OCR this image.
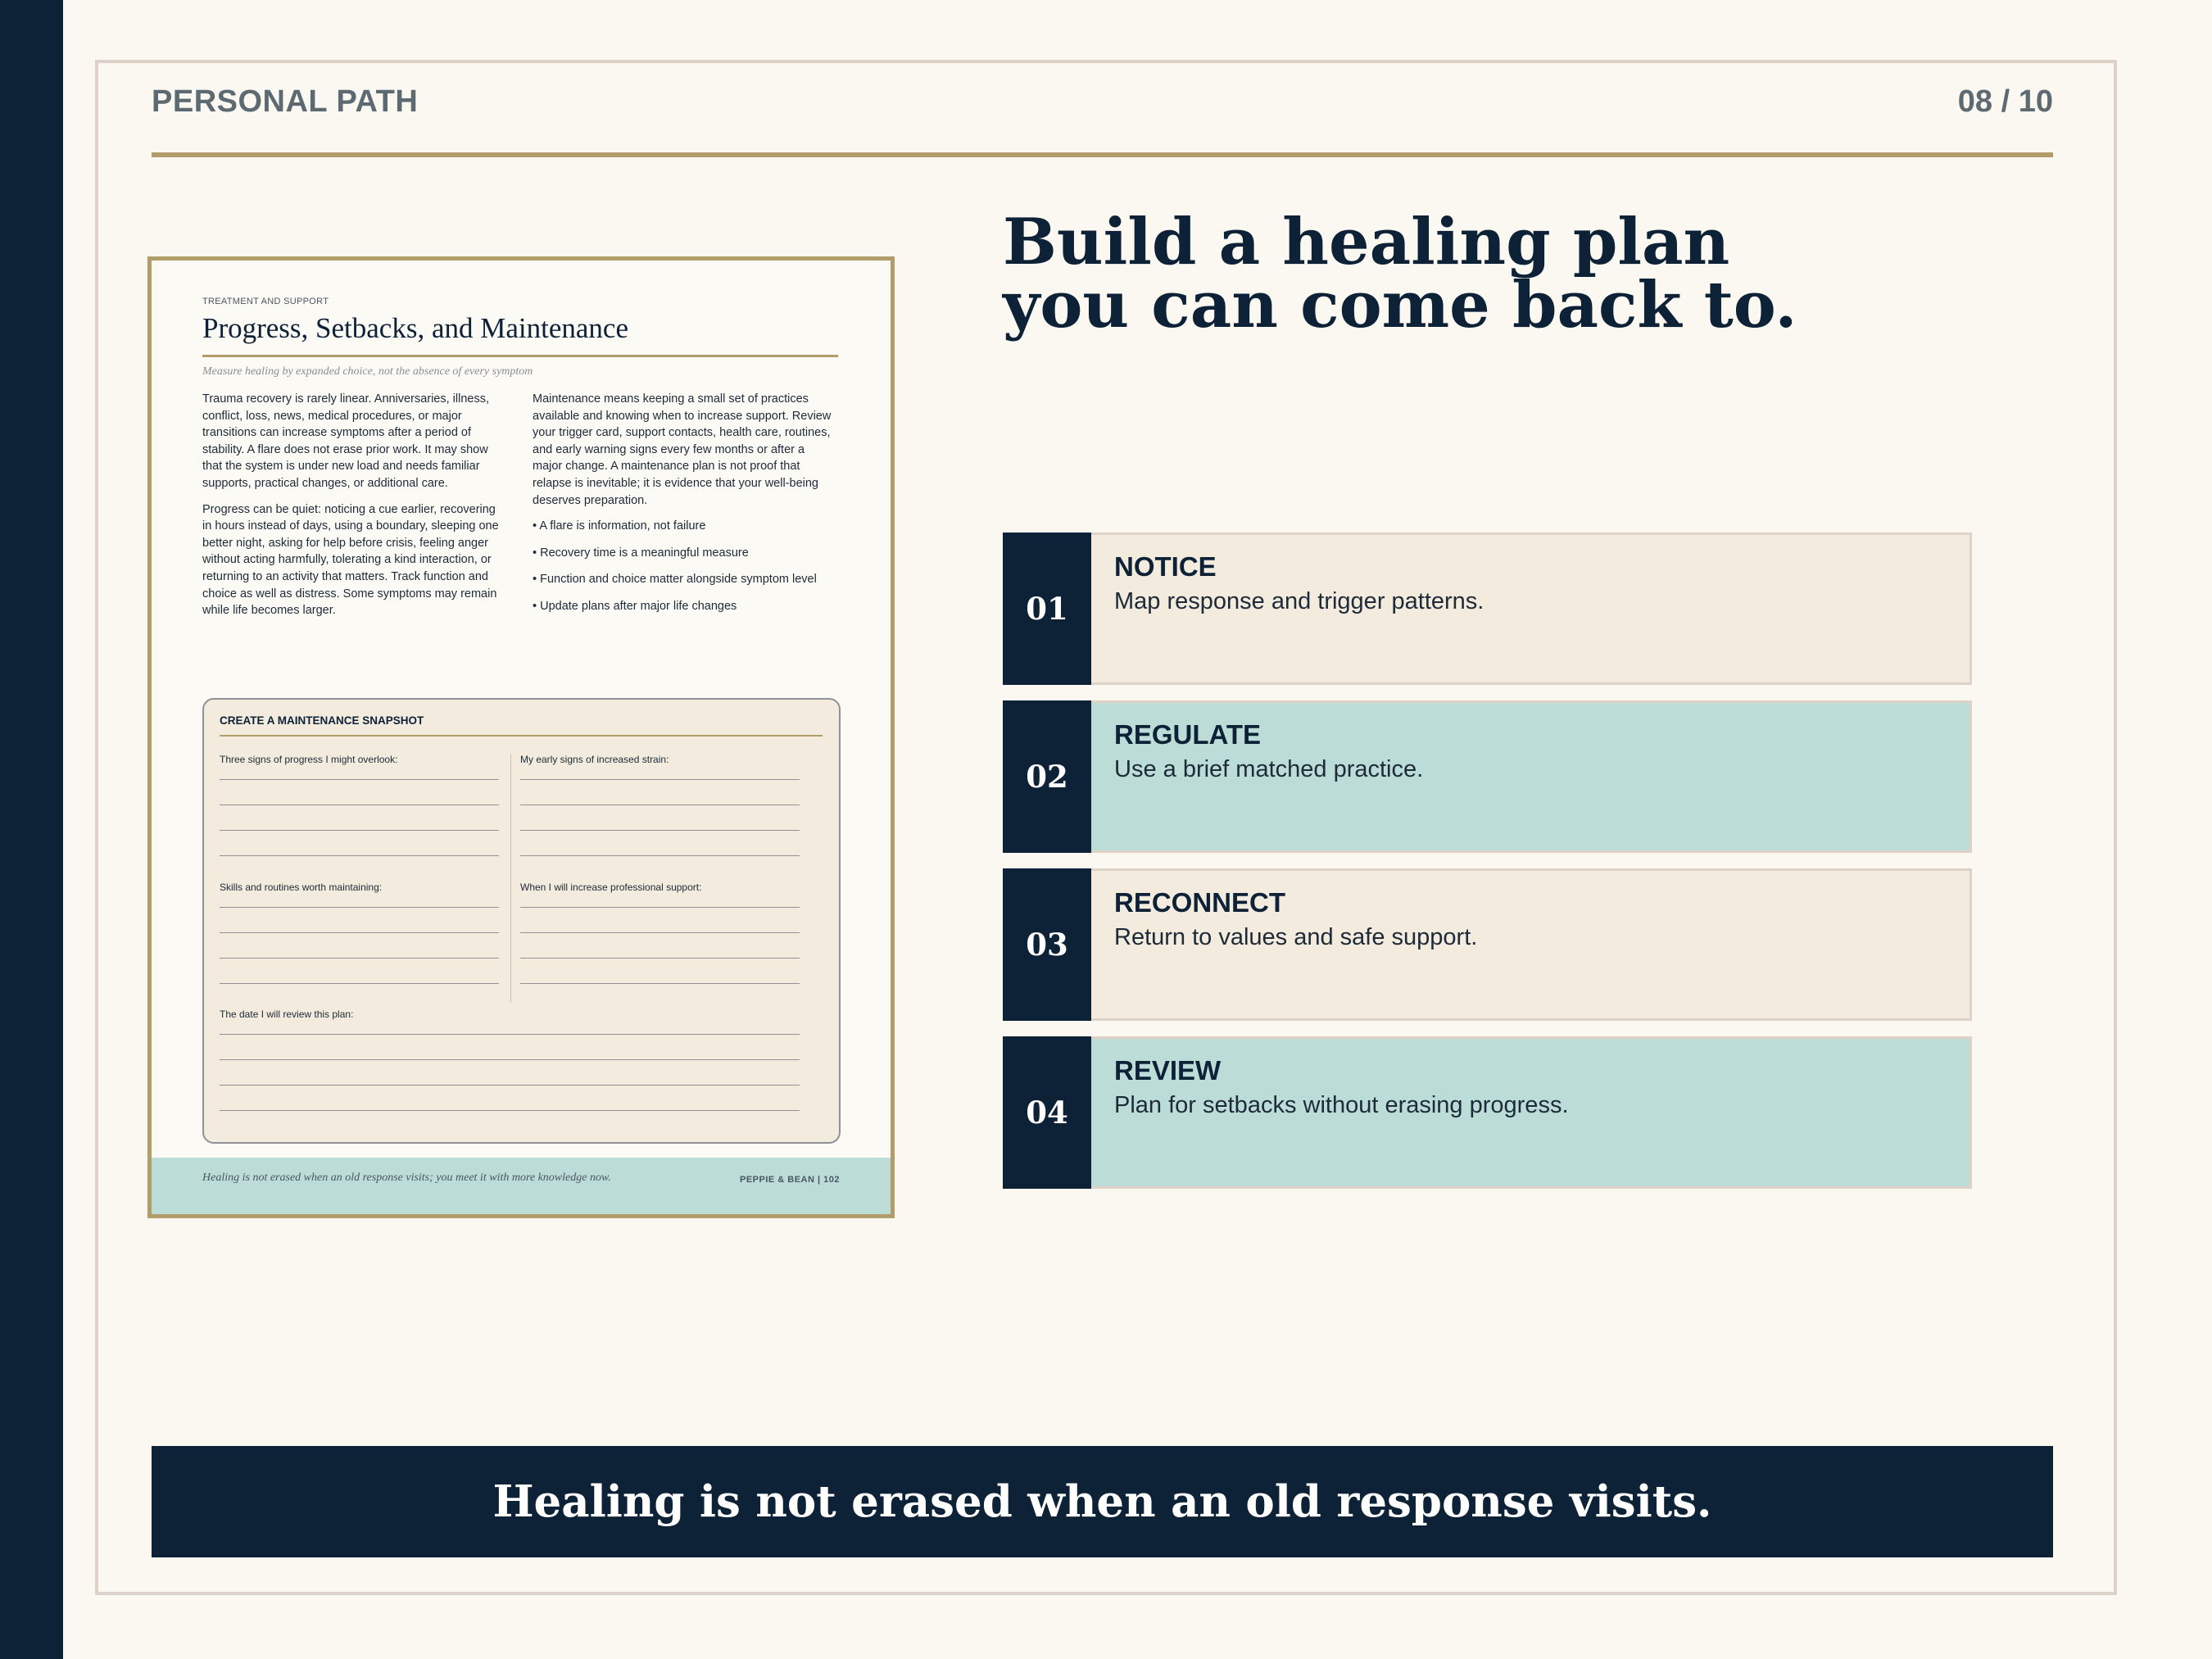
PERSONAL PATH	08 / 10
TREATMENT AND SUPPORT
Progress, Setbacks, and Maintenance
Measure healing by expanded choice, not the absence of every symptom

Trauma recovery is rarely linear. Anniversaries, illness, conflict, loss, news, medical procedures, or major transitions can increase symptoms after a period of stability. A flare does not erase prior work. It may show that the system is under new load and needs familiar supports, practical changes, or additional care.

Progress can be quiet: noticing a cue earlier, recovering in hours instead of days, using a boundary, sleeping one better night, asking for help before crisis, feeling anger without acting harmfully, tolerating a kind interaction, or returning to an activity that matters. Track function and choice as well as distress. Some symptoms may remain while life becomes larger.

Maintenance means keeping a small set of practices available and knowing when to increase support. Review your trigger card, support contacts, health care, routines, and early warning signs every few months or after a major change. A maintenance plan is not proof that relapse is inevitable; it is evidence that your well-being deserves preparation.

• A flare is information, not failure
• Recovery time is a meaningful measure
• Function and choice matter alongside symptom level
• Update plans after major life changes
CREATE A MAINTENANCE SNAPSHOT
Three signs of progress I might overlook:	My early signs of increased strain:
Skills and routines worth maintaining:	When I will increase professional support:
The date I will review this plan:
Healing is not erased when an old response visits; you meet it with more knowledge now.	PEPPIE & BEAN | 102
Build a healing plan
you can come back to.
01
NOTICE
Map response and trigger patterns.
02
REGULATE
Use a brief matched practice.
03
RECONNECT
Return to values and safe support.
04
REVIEW
Plan for setbacks without erasing progress.
Healing is not erased when an old response visits.
